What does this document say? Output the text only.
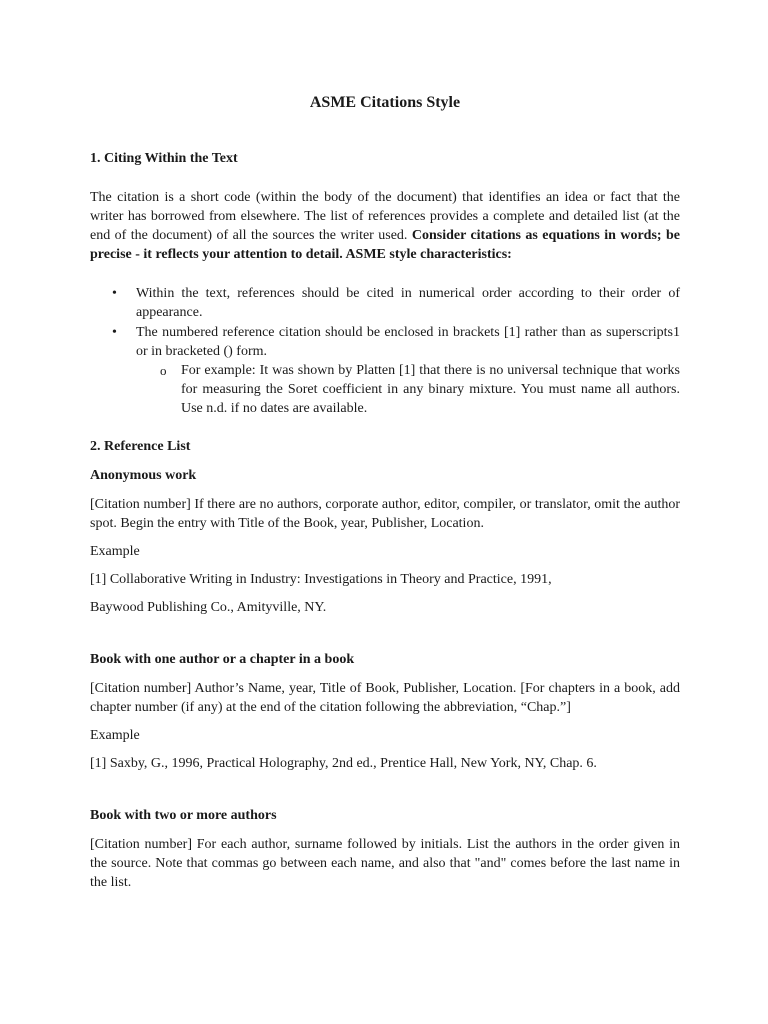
ASME Citations Style
1. Citing Within the Text

The citation is a short code (within the body of the document) that identifies an idea or fact that the writer has borrowed from elsewhere. The list of references provides a complete and detailed list (at the end of the document) of all the sources the writer used. Consider citations as equations in words; be precise - it reflects your attention to detail. ASME style characteristics:

• Within the text, references should be cited in numerical order according to their order of appearance.
• The numbered reference citation should be enclosed in brackets [1] rather than as superscripts1 or in bracketed () form.
o For example: It was shown by Platten [1] that there is no universal technique that works for measuring the Soret coefficient in any binary mixture. You must name all authors. Use n.d. if no dates are available.
2. Reference List
Anonymous work

[Citation number] If there are no authors, corporate author, editor, compiler, or translator, omit the author spot. Begin the entry with Title of the Book, year, Publisher, Location.

Example

[1] Collaborative Writing in Industry: Investigations in Theory and Practice, 1991,

Baywood Publishing Co., Amityville, NY.

Book with one author or a chapter in a book

[Citation number] Author’s Name, year, Title of Book, Publisher, Location. [For chapters in a book, add chapter number (if any) at the end of the citation following the abbreviation, “Chap.”]

Example

[1] Saxby, G., 1996, Practical Holography, 2nd ed., Prentice Hall, New York, NY, Chap. 6.

Book with two or more authors

[Citation number] For each author, surname followed by initials. List the authors in the order given in the source. Note that commas go between each name, and also that "and" comes before the last name in the list.
